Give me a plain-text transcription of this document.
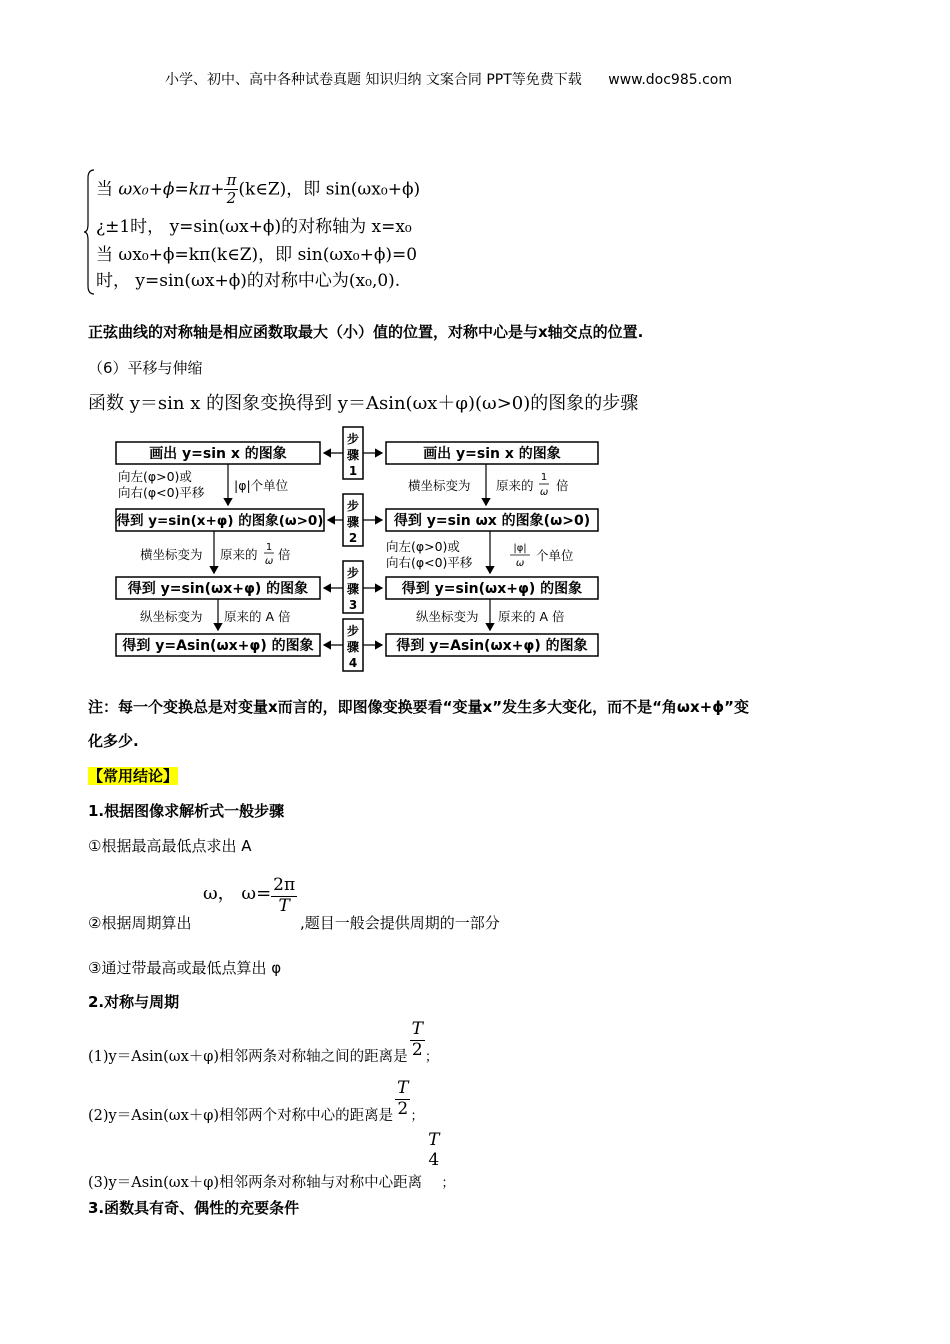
小学、初中、高中各种试卷真题 知识归纳 文案合同 PPT等免费下载 www.doc985.com
当 $\omega x_0+\phi=k\pi+ \frac{\pi}{2}$ (k∈Z)，即 sin(ωx₀+ϕ)
¿±1时， y=sin(ωx+ϕ)的对称轴为 x=x₀
当 ωx₀+ϕ=kπ(k∈Z)，即 sin(ωx₀+ϕ)=0
时， y=sin(ωx+ϕ)的对称中心为(x₀,0).
正弦曲线的对称轴是相应函数取最大（小）值的位置，对称中心是与x轴交点的位置.
（6）平移与伸缩
函数 y＝sin x 的图象变换得到 y＝Asin(ωx＋φ)(ω>0)的图象的步骤
画出 y=sin x 的图象
得到 y=sin(x+φ) 的图象(ω>0)
得到 y=sin(ωx+φ) 的图象
得到 y=Asin(ωx+φ) 的图象
画出 y=sin x 的图象
得到 y=sin ωx 的图象(ω>0)
得到 y=sin(ωx+φ) 的图象
得到 y=Asin(ωx+φ) 的图象
步
骤
1
步
骤
2
步
骤
3
步
骤
4
向左(φ>0)或
向右(φ<0)平移 |φ|个单位
横坐标变为 原来的 1
ω 倍
纵坐标变为 原来的 A 倍
横坐标变为 原来的
1
ω 倍
向左(φ>0)或
向右(φ<0)平移
|φ|
ω
个单位
纵坐标变为 原来的 A 倍
注：每一个变换总是对变量x而言的，即图像变换要看“变量x”发生多大变化，而不是“角ωx+ϕ”变
化多少.
【常用结论】
1.根据图像求解析式一般步骤
①根据最高最低点求出 A
②根据周期算出
ω， $\omega= \frac{2\pi}{T}$
,题目一般会提供周期的一部分
③通过带最高或最低点算出 φ
2.对称与周期
(1)y＝Asin(ωx＋φ)相邻两条对称轴之间的距离是 $\frac{T}{2}$ ；
(2)y＝Asin(ωx＋φ)相邻两个对称中心的距离是 $\frac{T}{2}$ ；
(3)y＝Asin(ωx＋φ)相邻两条对称轴与对称中心距离
T
4
；
3.函数具有奇、偶性的充要条件
